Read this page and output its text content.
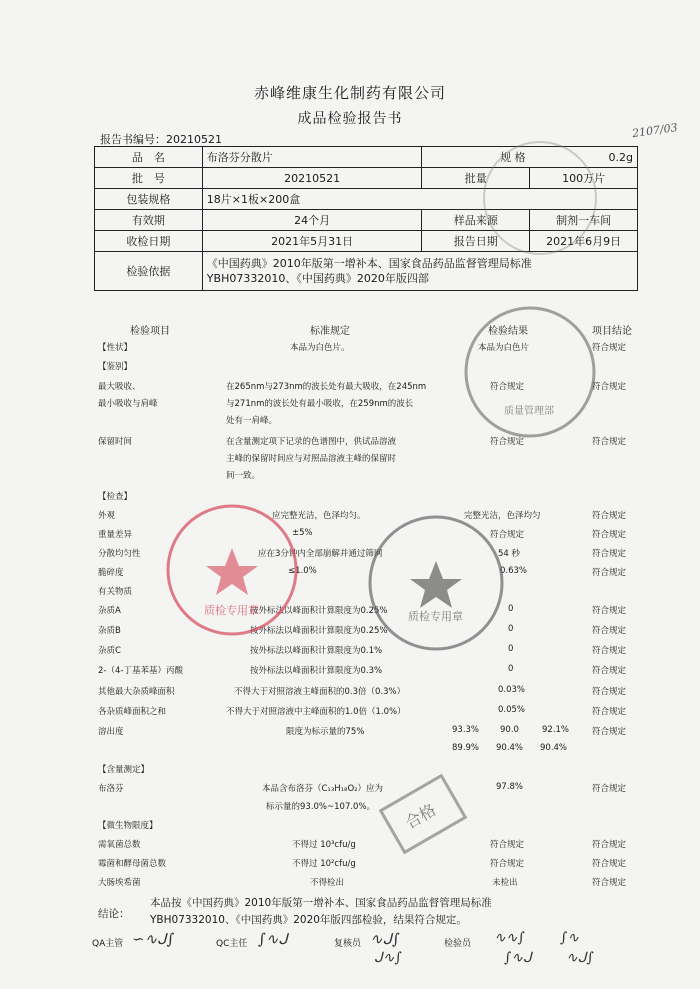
赤峰维康生化制药有限公司
成品检验报告书
报告书编号：20210521	2107/03
品　名	布洛芬分散片	规 格	0.2g
批　号	20210521	批量	100万片
包装规格	18片×1板×200盒		
有效期	24个月	样品来源	制剂一车间
收检日期	2021年5月31日	报告日期	2021年6月9日
检验依据	《中国药典》2010年版第一增补本、国家食品药品监督管理局标准
YBH07332010、《中国药典》2020年版四部		
检验项目	标准规定	检验结果	项目结论
【性状】	本品为白色片。	本品为白色片	符合规定
【鉴别】
最大吸收、
最小吸收与肩峰
在265nm与273nm的波长处有最大吸收，在245nm
与271nm的波长处有最小吸收，在259nm的波长
处有一肩峰。
符合规定	符合规定
保留时间	在含量测定项下记录的色谱图中，供试品溶液
主峰的保留时间应与对照品溶液主峰的保留时
间一致。
符合规定	符合规定
【检查】
外观	应完整光洁，色泽均匀。	完整光洁，色泽均匀	符合规定
重量差异	±5%	符合规定	符合规定
分散均匀性	应在3分钟内全部崩解并通过筛网	54 秒	符合规定
脆碎度	≤1.0%	0.63%	符合规定
有关物质
杂质A	按外标法以峰面积计算限度为0.25%	0	符合规定
杂质B	按外标法以峰面积计算限度为0.25%	0	符合规定
杂质C	按外标法以峰面积计算限度为0.1%	0	符合规定
2-（4-丁基苯基）丙酸	按外标法以峰面积计算限度为0.3%	0	符合规定
其他最大杂质峰面积	不得大于对照溶液主峰面积的0.3倍（0.3%）	0.03%	符合规定
各杂质峰面积之和	不得大于对照溶液中主峰面积的1.0倍（1.0%）	0.05%	符合规定
溶出度	限度为标示量的75%	93.3% 90.0	92.1%	符合规定
89.9% 90.4% 90.4%
【含量测定】
布洛芬	本品含布洛芬（C₁₃H₁₈O₂）应为
标示量的93.0%~107.0%。
97.8%	符合规定
【微生物限度】
需氧菌总数	不得过 10³cfu/g	符合规定	符合规定
霉菌和酵母菌总数	不得过 10²cfu/g	符合规定	符合规定
大肠埃希菌	不得检出	未检出	符合规定
结论：
本品按《中国药典》2010年版第一增补本、国家食品药品监督管理局标准
YBH07332010、《中国药典》2020年版四部检验，结果符合规定。
QA主管 ∽∿ᒍ∫	QC主任 ∫∿ᒍ	复核员 ∿ᒍ∫
ᒍ∿∫
检验员 ∿∿∫	∫∿
∫∿ᒍ ∿ᒍ∫
质检专用章	质检专用章
质量管理部
合格
